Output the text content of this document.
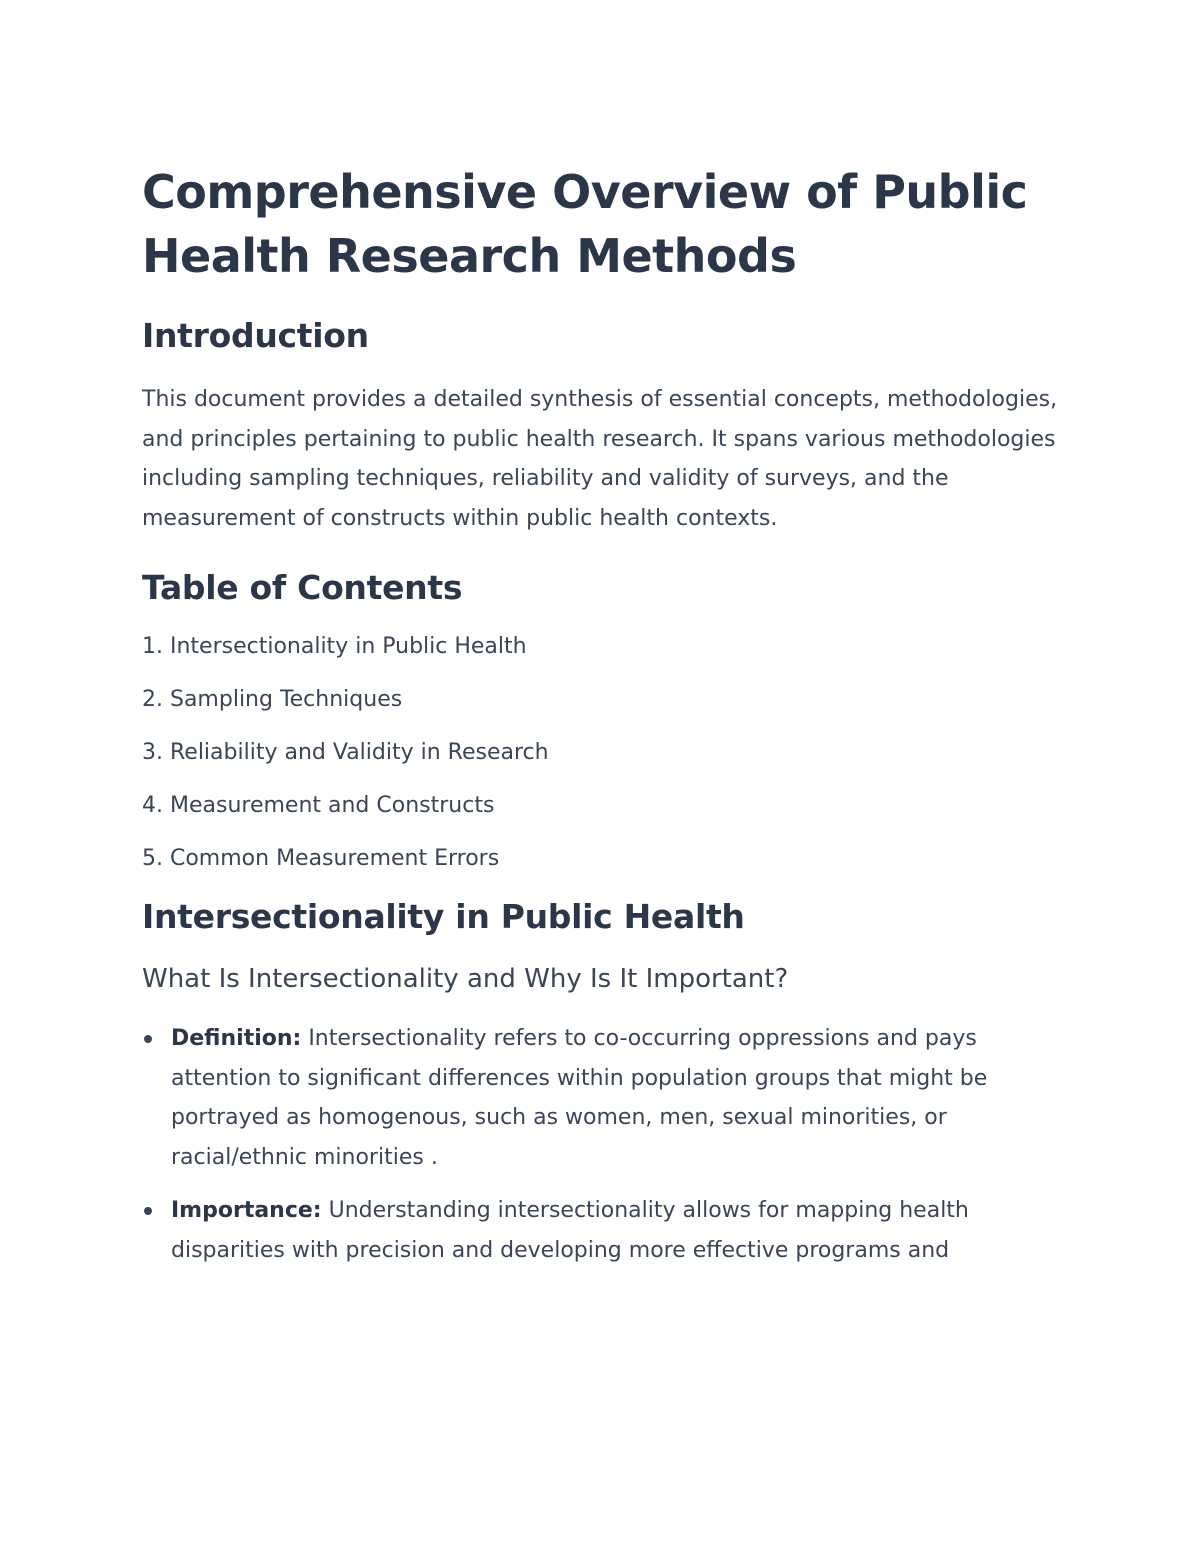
Comprehensive Overview of Public Health Research Methods
Introduction

This document provides a detailed synthesis of essential concepts, methodologies, and principles pertaining to public health research. It spans various methodologies including sampling techniques, reliability and validity of surveys, and the measurement of constructs within public health contexts.

Table of Contents
1. Intersectionality in Public Health
2. Sampling Techniques
3. Reliability and Validity in Research
4. Measurement and Constructs
5. Common Measurement Errors
Intersectionality in Public Health
What Is Intersectionality and Why Is It Important?
Definition: Intersectionality refers to co-occurring oppressions and pays attention to significant differences within population groups that might be portrayed as homogenous, such as women, men, sexual minorities, or racial/ethnic minorities .
Importance: Understanding intersectionality allows for mapping health disparities with precision and developing more effective programs and
